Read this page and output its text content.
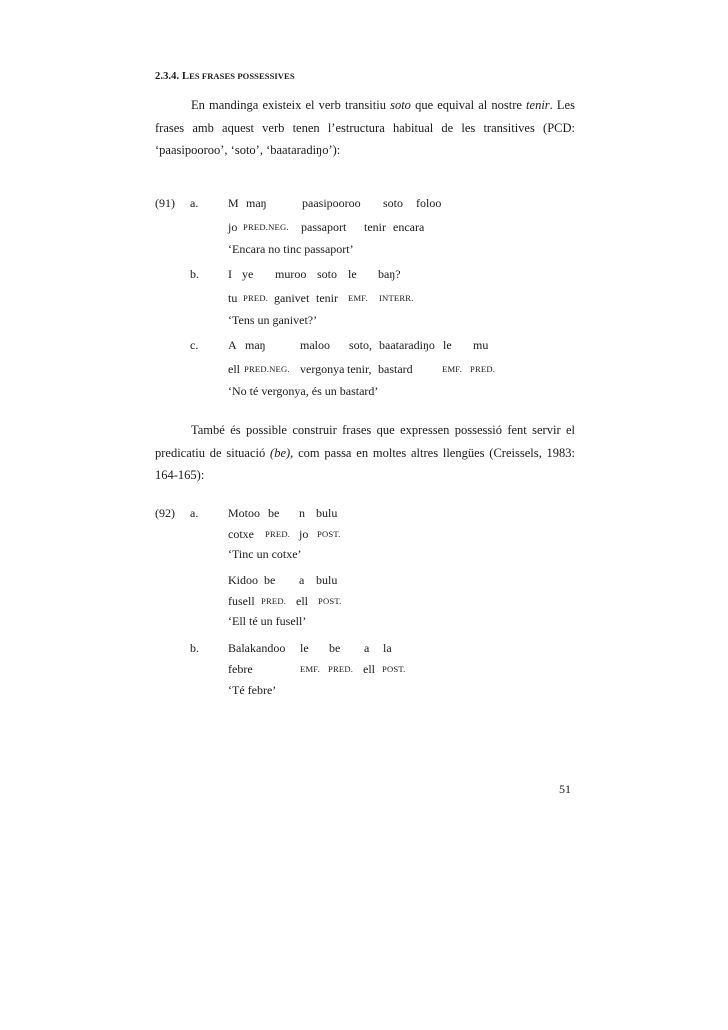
2.3.4. LES FRASES POSSESSIVES
En mandinga existeix el verb transitiu soto que equival al nostre tenir. Les frases amb aquest verb tenen l’estructura habitual de les transitives (PCD: ‘paasipooroo’, ‘soto’, ‘baataradiŋo’):
(91) a. M maŋ	paasipooroo soto foloo
jo PRED.NEG. passaport tenir encara
‘Encara no tinc passaport’
b. I ye muroo soto le baŋ?
tu PRED. ganivet tenir EMF. INTERR.
‘Tens un ganivet?’
c. A maŋ	maloo soto, baataradiŋo le mu
ell PRED.NEG. vergonya tenir, bastard	EMF. PRED.
‘No té vergonya, és un bastard’
També és possible construir frases que expressen possessió fent servir el predicatiu de situació (be), com passa en moltes altres llengües (Creissels, 1983: 164-165):
(92) a. Motoo be n bulu
cotxe PRED. jo POST.
‘Tinc un cotxe’
Kidoo be a bulu
fusell PRED. ell POST.
‘Ell té un fusell’
b. Balakandoo le be a la
febre	EMF. PRED. ell POST.
‘Té febre’
51
